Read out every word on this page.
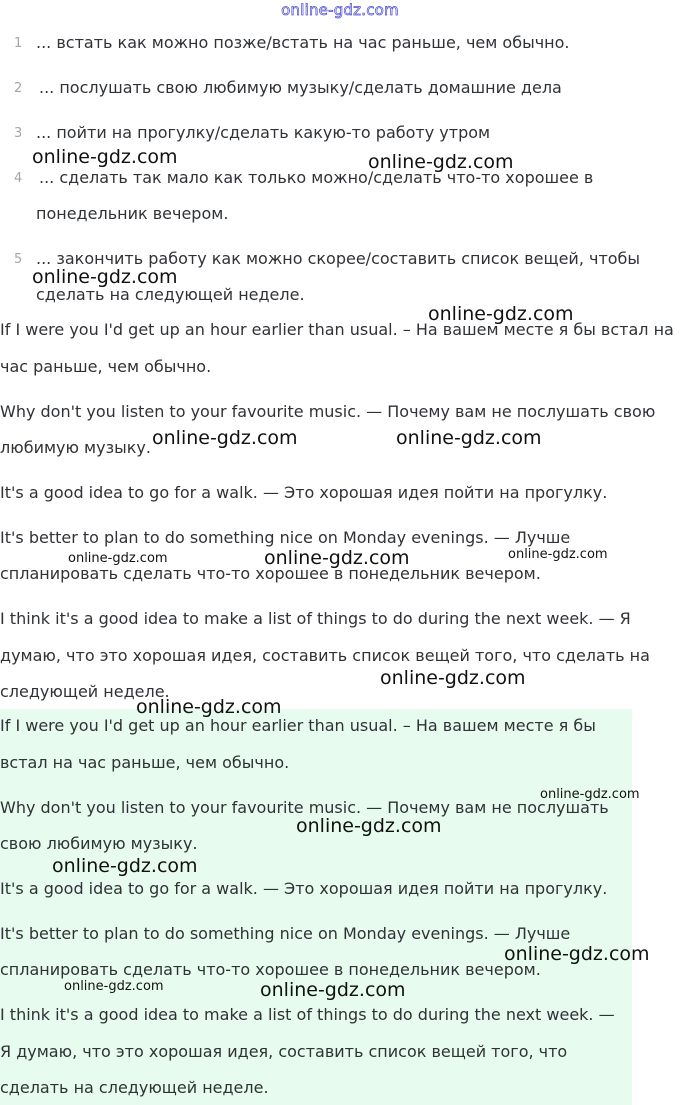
online-gdz.com
1 ... встать как можно позже/встать на час раньше, чем обычно.
2 ... послушать свою любимую музыку/сделать домашние дела
3 ... пойти на прогулку/сделать какую-то работу утром
4 ... сделать так мало как только можно/сделать что-то хорошее в
понедельник вечером.
5 ... закончить работу как можно скорее/составить список вещей, чтобы
сделать на следующей неделе.
If I were you I'd get up an hour earlier than usual. – На вашем месте я бы встал на
час раньше, чем обычно.
Why don't you listen to your favourite music. — Почему вам не послушать свою
любимую музыку.
It's a good idea to go for a walk. — Это хорошая идея пойти на прогулку.
It's better to plan to do something nice on Monday evenings. — Лучше
спланировать сделать что-то хорошее в понедельник вечером.
I think it's a good idea to make a list of things to do during the next week. — Я
думаю, что это хорошая идея, составить список вещей того, что сделать на
следующей неделе.
If I were you I'd get up an hour earlier than usual. – На вашем месте я бы
встал на час раньше, чем обычно.
Why don't you listen to your favourite music. — Почему вам не послушать
свою любимую музыку.
It's a good idea to go for a walk. — Это хорошая идея пойти на прогулку.
It's better to plan to do something nice on Monday evenings. — Лучше
спланировать сделать что-то хорошее в понедельник вечером.
I think it's a good idea to make a list of things to do during the next week. —
Я думаю, что это хорошая идея, составить список вещей того, что
сделать на следующей неделе.
online-gdz.com	online-gdz.com
online-gdz.com
online-gdz.com
online-gdz.com	online-gdz.com
online-gdz.com	online-gdz.com	online-gdz.com
online-gdz.com
online-gdz.com
online-gdz.com
online-gdz.com
online-gdz.com
online-gdz.com
online-gdz.com	online-gdz.com
